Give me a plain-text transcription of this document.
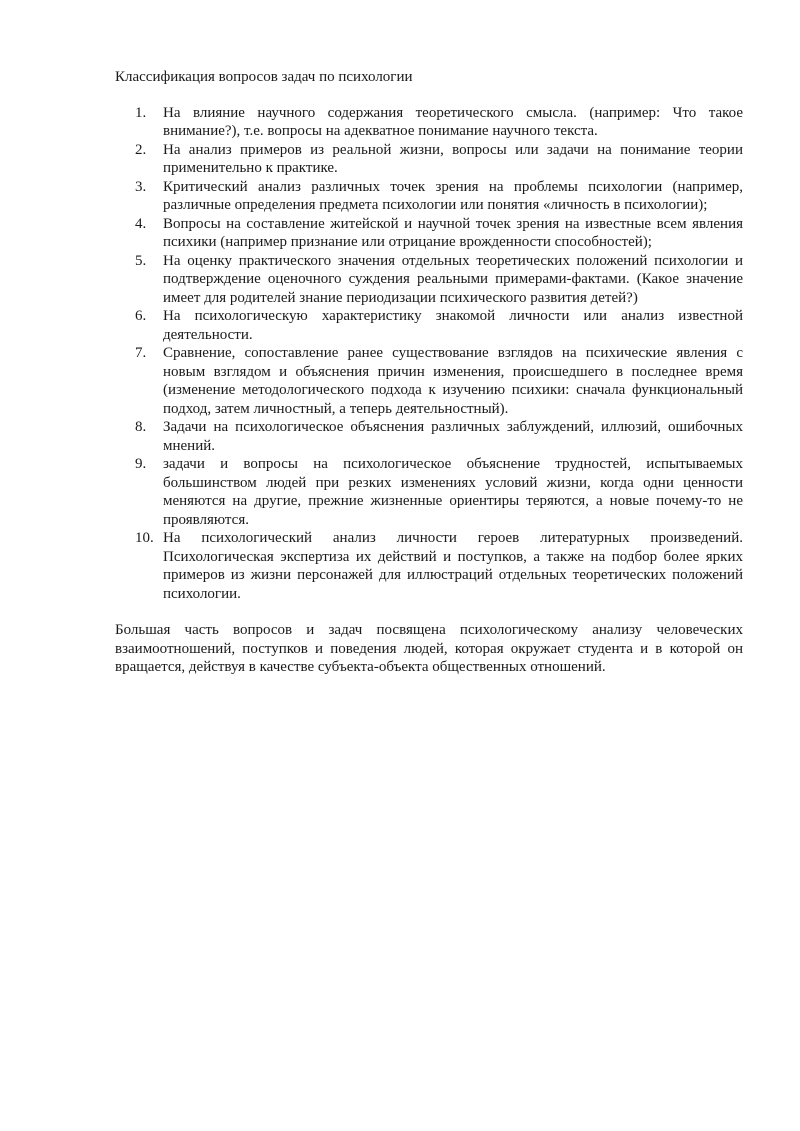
Классификация вопросов задач по психологии
1. На влияние научного содержания теоретического смысла. (например: Что такое внимание?), т.е. вопросы на адекватное понимание научного текста.
2. На анализ примеров из реальной жизни, вопросы или задачи на понимание теории применительно к практике.
3. Критический анализ различных точек зрения на проблемы психологии (например, различные определения предмета психологии или понятия «личность в психологии);
4. Вопросы на составление житейской и научной точек зрения на известные всем явления психики (например признание или отрицание врожденности способностей);
5. На оценку практического значения отдельных теоретических положений психологии и подтверждение оценочного суждения реальными примерами-фактами. (Какое значение имеет для родителей знание периодизации психического развития детей?)
6. На психологическую характеристику знакомой личности или анализ известной деятельности.
7. Сравнение, сопоставление ранее существование взглядов на психические явления с новым взглядом и объяснения причин изменения, происшедшего в последнее время (изменение методологического подхода к изучению психики: сначала функциональный подход, затем личностный, а теперь деятельностный).
8. Задачи на психологическое объяснения различных заблуждений, иллюзий, ошибочных мнений.
9. задачи и вопросы на психологическое объяснение трудностей, испытываемых большинством людей при резких изменениях условий жизни, когда одни ценности меняются на другие, прежние жизненные ориентиры теряются, а новые почему-то не проявляются.
10. На психологический анализ личности героев литературных произведений. Психологическая экспертиза их действий и поступков, а также на подбор более ярких примеров из жизни персонажей для иллюстраций отдельных теоретических положений психологии.

Большая часть вопросов и задач посвящена психологическому анализу человеческих взаимоотношений, поступков и поведения людей, которая окружает студента и в которой он вращается, действуя в качестве субъекта-объекта общественных отношений.
